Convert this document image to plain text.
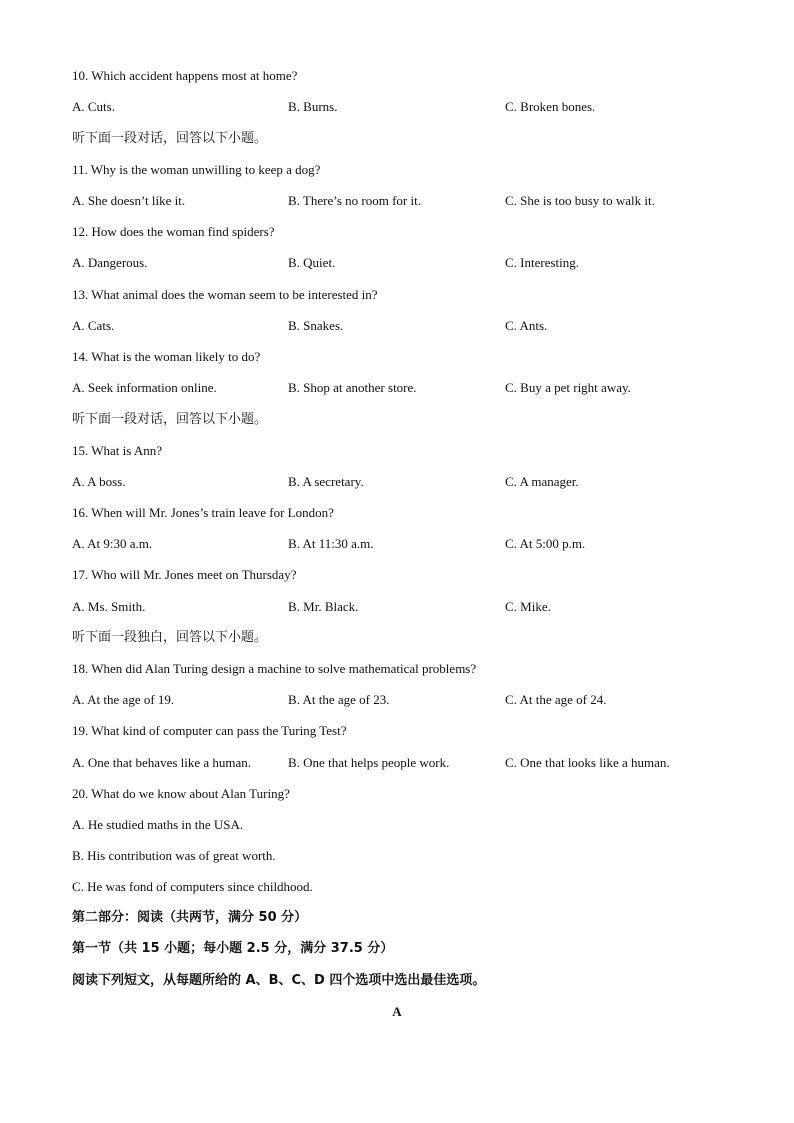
10. Which accident happens most at home?
A. Cuts.	B. Burns.	C. Broken bones.
听下面一段对话，回答以下小题。
11. Why is the woman unwilling to keep a dog?
A. She doesn’t like it.	B. There’s no room for it.	C. She is too busy to walk it.
12. How does the woman find spiders?
A. Dangerous.	B. Quiet.	C. Interesting.
13. What animal does the woman seem to be interested in?
A. Cats.	B. Snakes.	C. Ants.
14. What is the woman likely to do?
A. Seek information online.	B. Shop at another store.	C. Buy a pet right away.
听下面一段对话，回答以下小题。
15. What is Ann?
A. A boss.	B. A secretary.	C. A manager.
16. When will Mr. Jones’s train leave for London?
A. At 9:30 a.m.	B. At 11:30 a.m.	C. At 5:00 p.m.
17. Who will Mr. Jones meet on Thursday?
A. Ms. Smith.	B. Mr. Black.	C. Mike.
听下面一段独白，回答以下小题。
18. When did Alan Turing design a machine to solve mathematical problems?
A. At the age of 19.	B. At the age of 23.	C. At the age of 24.
19. What kind of computer can pass the Turing Test?
A. One that behaves like a human.	B. One that helps people work.	C. One that looks like a human.
20. What do we know about Alan Turing?
A. He studied maths in the USA.
B. His contribution was of great worth.
C. He was fond of computers since childhood.
第二部分：阅读（共两节，满分 50 分）
第一节（共 15 小题；每小题 2.5 分，满分 37.5 分）
阅读下列短文，从每题所给的 A、B、C、D 四个选项中选出最佳选项。
A
